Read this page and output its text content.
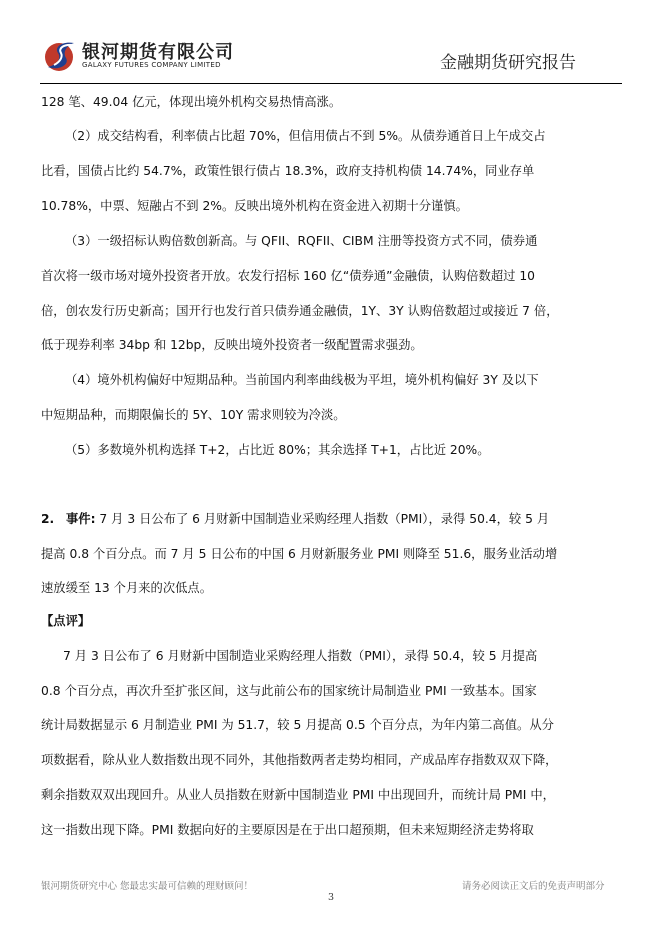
银河期货有限公司
GALAXY FUTURES COMPANY LIMITED	金融期货研究报告
128 笔、49.04 亿元，体现出境外机构交易热情高涨。
（2）成交结构看，利率债占比超 70%，但信用债占不到 5%。从债券通首日上午成交占
比看，国债占比约 54.7%，政策性银行债占 18.3%，政府支持机构债 14.74%，同业存单
10.78%，中票、短融占不到 2%。反映出境外机构在资金进入初期十分谨慎。
（3）一级招标认购倍数创新高。与 QFII、RQFII、CIBM 注册等投资方式不同，债券通
首次将一级市场对境外投资者开放。农发行招标 160 亿“债券通”金融债，认购倍数超过 10
倍，创农发行历史新高；国开行也发行首只债券通金融债，1Y、3Y 认购倍数超过或接近 7 倍，
低于现券利率 34bp 和 12bp，反映出境外投资者一级配置需求强劲。
（4）境外机构偏好中短期品种。当前国内利率曲线极为平坦，境外机构偏好 3Y 及以下
中短期品种，而期限偏长的 5Y、10Y 需求则较为冷淡。
（5）多数境外机构选择 T+2，占比近 80%；其余选择 T+1，占比近 20%。
2. 事件: 7 月 3 日公布了 6 月财新中国制造业采购经理人指数（PMI），录得 50.4，较 5 月
提高 0.8 个百分点。而 7 月 5 日公布的中国 6 月财新服务业 PMI 则降至 51.6，服务业活动增
速放缓至 13 个月来的次低点。
【点评】
7 月 3 日公布了 6 月财新中国制造业采购经理人指数（PMI），录得 50.4，较 5 月提高
0.8 个百分点，再次升至扩张区间，这与此前公布的国家统计局制造业 PMI 一致基本。国家
统计局数据显示 6 月制造业 PMI 为 51.7，较 5 月提高 0.5 个百分点，为年内第二高值。从分
项数据看，除从业人数指数出现不同外，其他指数两者走势均相同，产成品库存指数双双下降，
剩余指数双双出现回升。从业人员指数在财新中国制造业 PMI 中出现回升，而统计局 PMI 中，
这一指数出现下降。PMI 数据向好的主要原因是在于出口超预期，但未来短期经济走势将取
银河期货研究中心 您最忠实最可信赖的理财顾问！	请务必阅读正文后的免责声明部分
3
